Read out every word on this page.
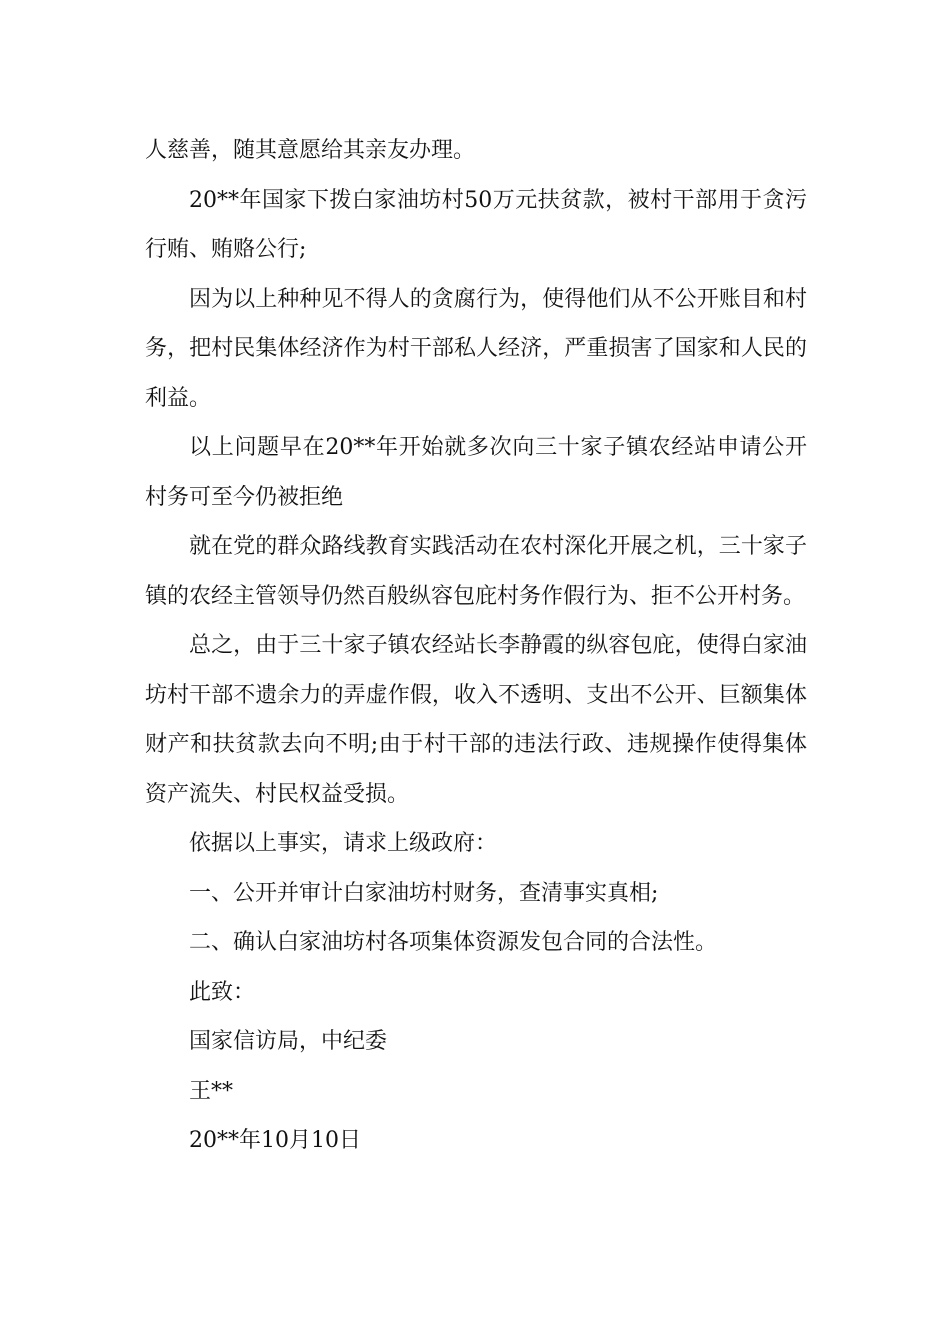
人慈善，随其意愿给其亲友办理。

20**年国家下拨白家油坊村50万元扶贫款，被村干部用于贪污行贿、贿赂公行;

因为以上种种见不得人的贪腐行为，使得他们从不公开账目和村务，把村民集体经济作为村干部私人经济，严重损害了国家和人民的利益。

以上问题早在20**年开始就多次向三十家子镇农经站申请公开村务可至今仍被拒绝

就在党的群众路线教育实践活动在农村深化开展之机，三十家子镇的农经主管领导仍然百般纵容包庇村务作假行为、拒不公开村务。

总之，由于三十家子镇农经站长李静霞的纵容包庇，使得白家油坊村干部不遗余力的弄虚作假，收入不透明、支出不公开、巨额集体财产和扶贫款去向不明;由于村干部的违法行政、违规操作使得集体资产流失、村民权益受损。

依据以上事实，请求上级政府：

一、公开并审计白家油坊村财务，查清事实真相;

二、确认白家油坊村各项集体资源发包合同的合法性。

此致：

国家信访局，中纪委

王**

20**年10月10日
